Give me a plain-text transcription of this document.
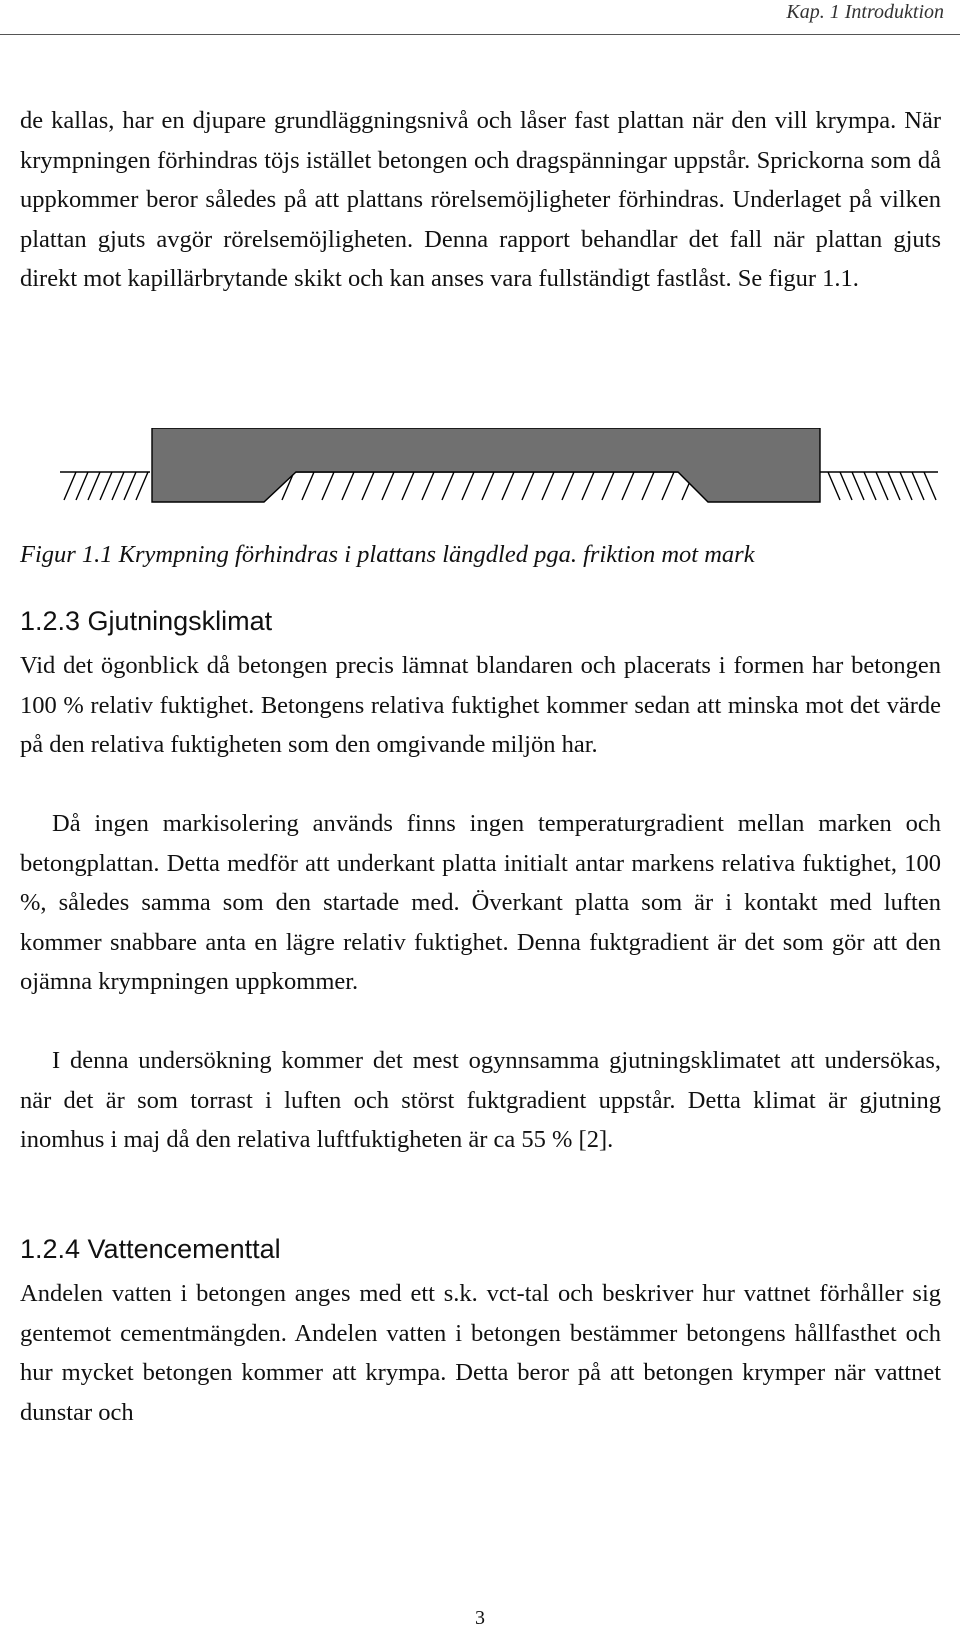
Kap. 1 Introduktion

de kallas, har en djupare grundläggningsnivå och låser fast plattan när den vill krympa. När krympningen förhindras töjs istället betongen och dragspänningar uppstår. Sprickorna som då uppkommer beror således på att plattans rörelsemöjligheter förhindras. Underlaget på vilken plattan gjuts avgör rörelsemöjligheten. Denna rapport behandlar det fall när plattan gjuts direkt mot kapillärbrytande skikt och kan anses vara fullständigt fastlåst. Se figur 1.1.

Figur 1.1 Krympning förhindras i plattans längdled pga. friktion mot mark

1.2.3 Gjutningsklimat

Vid det ögonblick då betongen precis lämnat blandaren och placerats i formen har betongen 100 % relativ fuktighet. Betongens relativa fuktighet kommer sedan att minska mot det värde på den relativa fuktigheten som den omgivande miljön har.

Då ingen markisolering används finns ingen temperaturgradient mellan marken och betongplattan. Detta medför att underkant platta initialt antar markens relativa fuktighet, 100 %, således samma som den startade med. Överkant platta som är i kontakt med luften kommer snabbare anta en lägre relativ fuktighet. Denna fuktgradient är det som gör att den ojämna krympningen uppkommer.

I denna undersökning kommer det mest ogynnsamma gjutningsklimatet att undersökas, när det är som torrast i luften och störst fuktgradient uppstår. Detta klimat är gjutning inomhus i maj då den relativa luftfuktigheten är ca 55 % [2].

1.2.4 Vattencementtal

Andelen vatten i betongen anges med ett s.k. vct-tal och beskriver hur vattnet förhåller sig gentemot cementmängden. Andelen vatten i betongen bestämmer betongens hållfasthet och hur mycket betongen kommer att krympa. Detta beror på att betongen krymper när vattnet dunstar och

3
